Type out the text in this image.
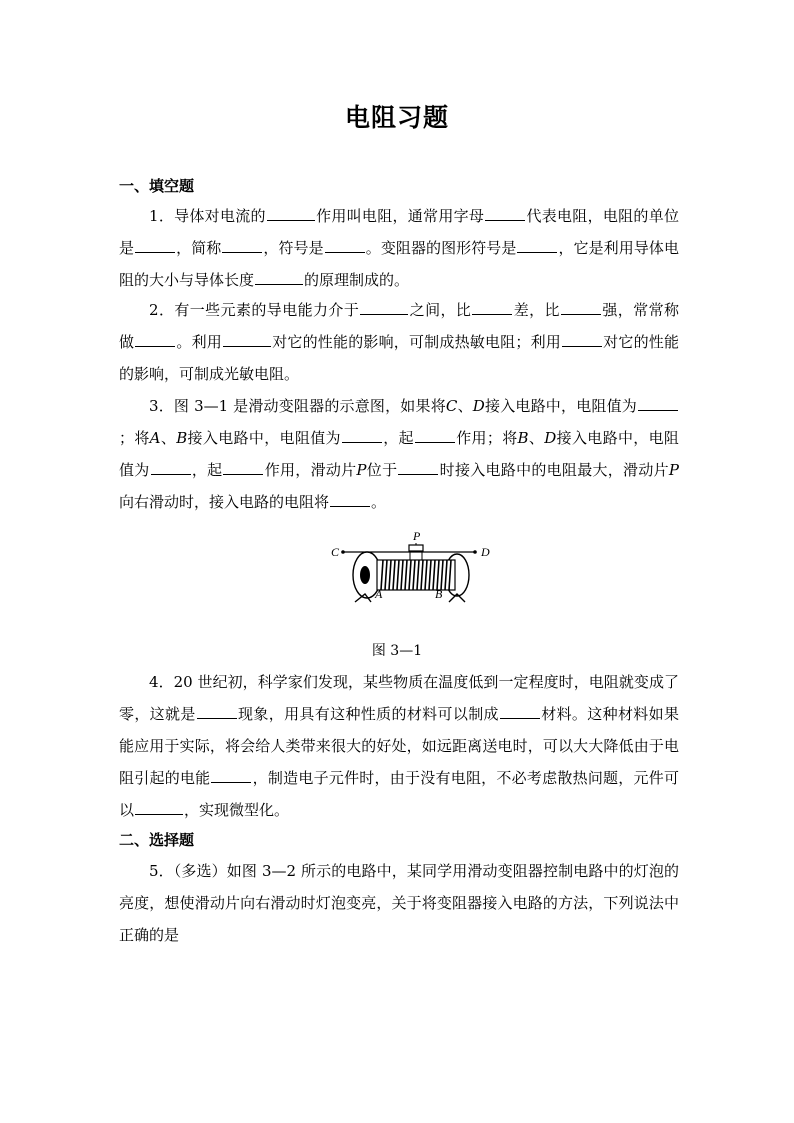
电阻习题
一、填空题
1．导体对电流的	作用叫电阻，通常用字母	代表电阻，电阻的单位是	，简称	，符号是	。变阻器的图形符号是	，它是利用导体电阻的大小与导体长度	的原理制成的。
2．有一些元素的导电能力介于	之间，比	差，比	强，常常称做	。利用	对它的性能的影响，可制成热敏电阻；利用	对它的性能的影响，可制成光敏电阻。
3．图 3—1 是滑动变阻器的示意图，如果将C、D接入电路中，电阻值为；将A、B接入电路中，电阻值为	，起	作用；将B、D接入电路中，电阻值为	，起	作用，滑动片P位于	时接入电路中的电阻最大，滑动片P向右滑动时，接入电路的电阻将	。
C
P
D
A	B
图 3—1
4．20 世纪初，科学家们发现，某些物质在温度低到一定程度时，电阻就变成了零，这就是	现象，用具有这种性质的材料可以制成	材料。这种材料如果能应用于实际，将会给人类带来很大的好处，如远距离送电时，可以大大降低由于电阻引起的电能	，制造电子元件时，由于没有电阻，不必考虑散热问题，元件可以	，实现微型化。
二、选择题
5．（多选）如图 3—2 所示的电路中，某同学用滑动变阻器控制电路中的灯泡的亮度，想使滑动片向右滑动时灯泡变亮，关于将变阻器接入电路的方法，下列说法中正确的是
